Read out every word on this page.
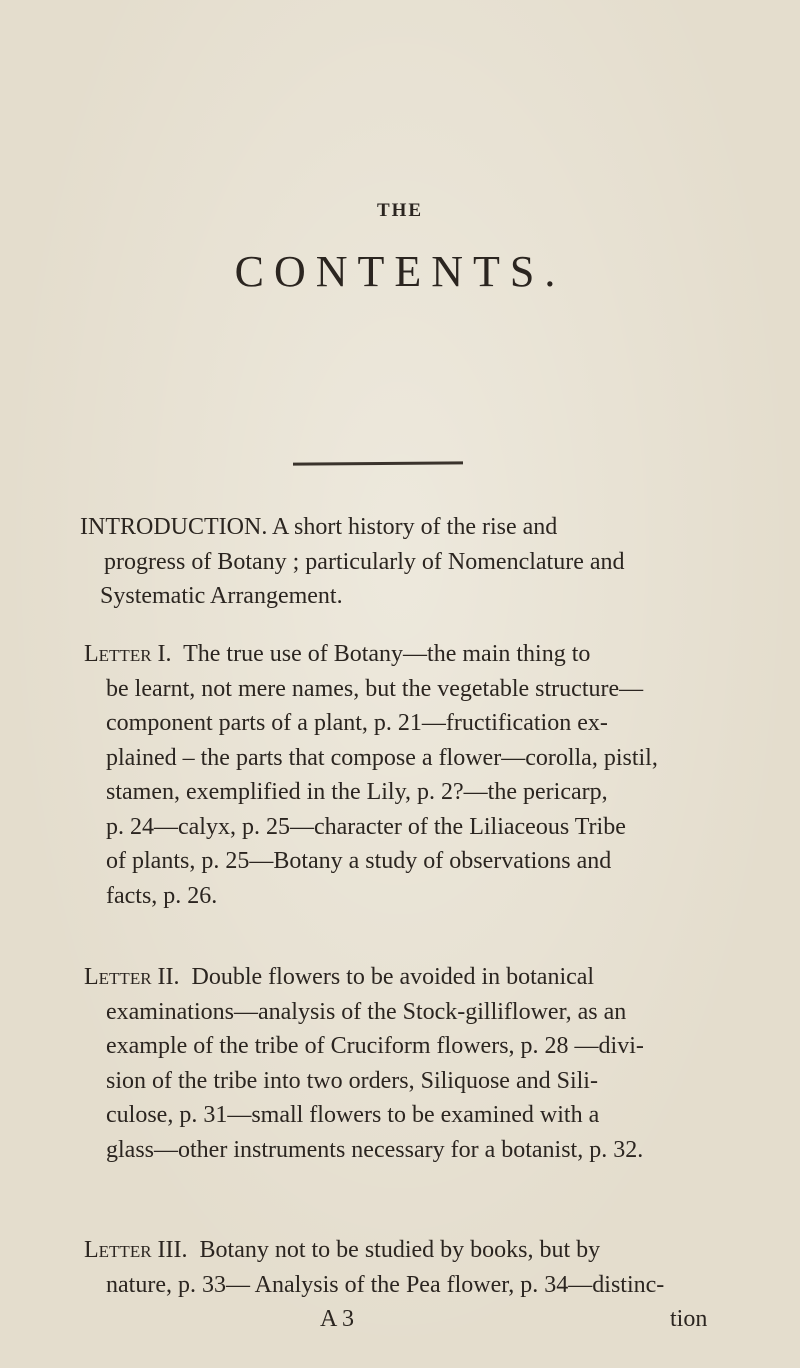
THE
CONTENTS.
INTRODUCTION. A short history of the rise and
progress of Botany ; particularly of Nomenclature and
Systematic Arrangement.
Letter I. The true use of Botany—the main thing to
be learnt, not mere names, but the vegetable structure—
component parts of a plant, p. 21—fructification ex-
plained – the parts that compose a flower—corolla, pistil,
stamen, exemplified in the Lily, p. 2?—the pericarp,
p. 24—calyx, p. 25—character of the Liliaceous Tribe
of plants, p. 25—Botany a study of observations and
facts, p. 26.
Letter II. Double flowers to be avoided in botanical
examinations—analysis of the Stock-gilliflower, as an
example of the tribe of Cruciform flowers, p. 28 —divi-
sion of the tribe into two orders, Siliquose and Sili-
culose, p. 31—small flowers to be examined with a
glass—other instruments necessary for a botanist, p. 32.
Letter III. Botany not to be studied by books, but by
nature, p. 33— Analysis of the Pea flower, p. 34—distinc-
A 3	tion
